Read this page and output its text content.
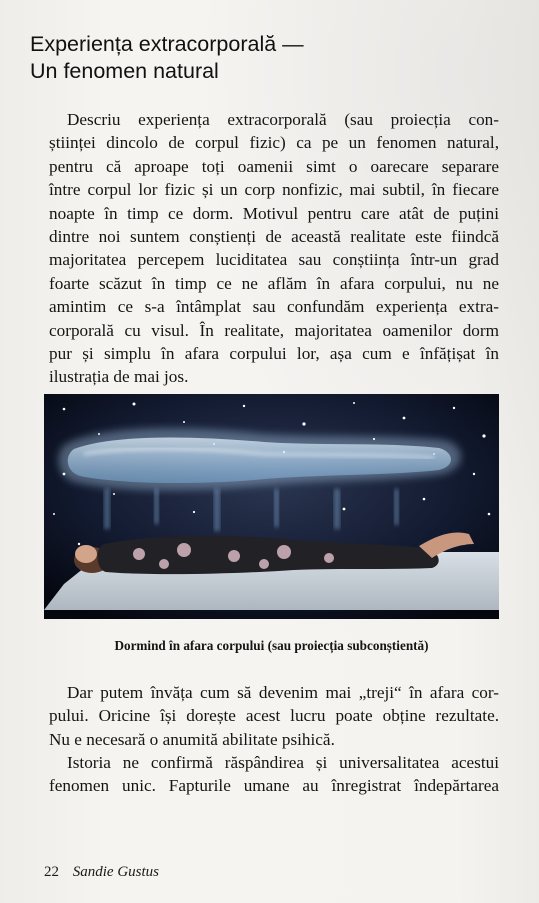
Experiența extracorporală —
Un fenomen natural
Descriu experiența extracorporală (sau proiecția con-
științei dincolo de corpul fizic) ca pe un fenomen natural,
pentru că aproape toți oamenii simt o oarecare separare
între corpul lor fizic și un corp nonfizic, mai subtil, în fiecare
noapte în timp ce dorm. Motivul pentru care atât de puțini
dintre noi suntem conștienți de această realitate este fiindcă
majoritatea percepem luciditatea sau conștiința într-un grad
foarte scăzut în timp ce ne aflăm în afara corpului, nu ne
amintim ce s-a întâmplat sau confundăm experiența extra-
corporală cu visul. În realitate, majoritatea oamenilor dorm
pur și simplu în afara corpului lor, așa cum e înfățișat în
ilustrația de mai jos.
Dormind în afara corpului (sau proiecția subconștientă)
Dar putem învăța cum să devenim mai „treji“ în afara cor-
pului. Oricine își dorește acest lucru poate obține rezultate.
Nu e necesară o anumită abilitate psihică.
Istoria ne confirmă răspândirea și universalitatea acestui
fenomen unic. Fapturile umane au înregistrat îndepărtarea
22 Sandie Gustus
